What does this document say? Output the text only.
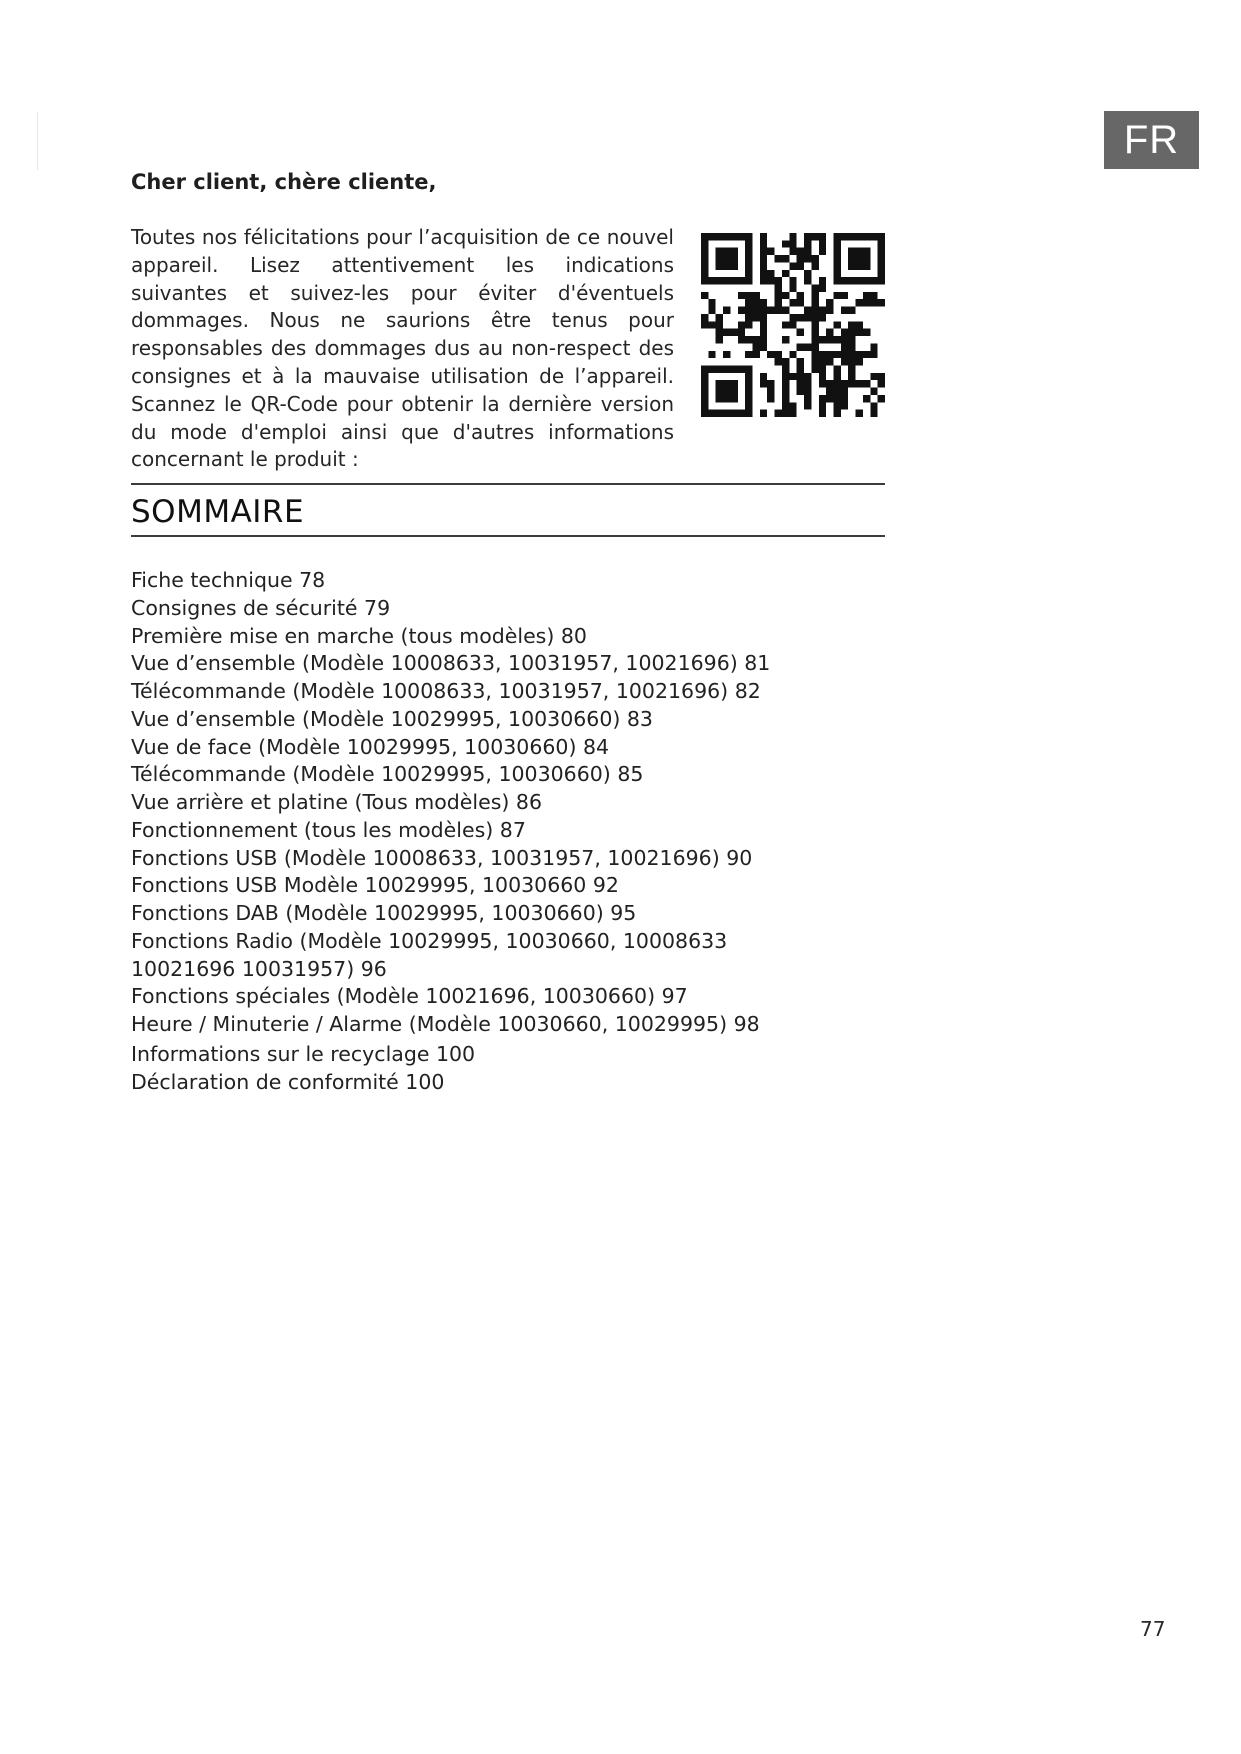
FR
Cher client, chère cliente,
Toutes nos félicitations pour l’acquisition de ce nouvel appareil. Lisez attentivement les indications suivantes et suivez-les pour éviter d'éventuels dommages. Nous ne saurions être tenus pour responsables des dommages dus au non-respect des consignes et à la mauvaise utilisation de l’appareil. Scannez le QR-Code pour obtenir la dernière version du mode d'emploi ainsi que d'autres informations concernant le produit :
SOMMAIRE
Fiche technique 78
Consignes de sécurité 79
Première mise en marche (tous modèles) 80
Vue d’ensemble (Modèle 10008633, 10031957, 10021696) 81
Télécommande (Modèle 10008633, 10031957, 10021696) 82
Vue d’ensemble (Modèle 10029995, 10030660) 83
Vue de face (Modèle 10029995, 10030660) 84
Télécommande (Modèle 10029995, 10030660) 85
Vue arrière et platine (Tous modèles) 86
Fonctionnement (tous les modèles) 87
Fonctions USB (Modèle 10008633, 10031957, 10021696) 90
Fonctions USB Modèle 10029995, 10030660 92
Fonctions DAB (Modèle 10029995, 10030660) 95
Fonctions Radio (Modèle 10029995, 10030660, 10008633 10021696 10031957) 96
Fonctions spéciales (Modèle 10021696, 10030660) 97
Heure / Minuterie / Alarme (Modèle 10030660, 10029995) 98
Informations sur le recyclage 100
Déclaration de conformité 100
77
